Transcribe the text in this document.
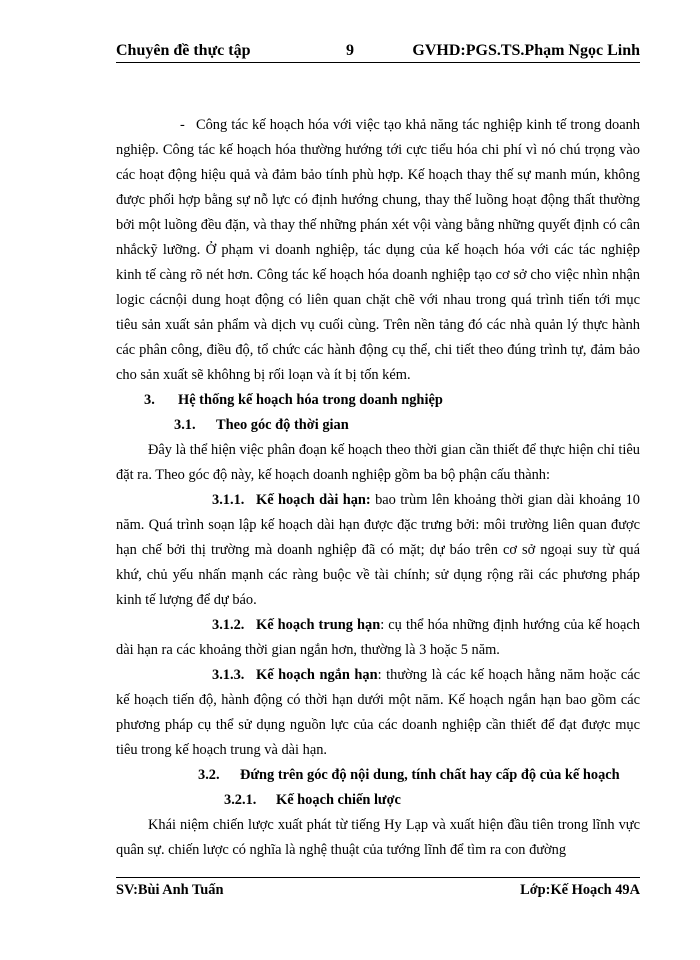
Chuyên đề thực tập	9	GVHD:PGS.TS.Phạm Ngọc Linh

- Công tác kế hoạch hóa với việc tạo khả năng tác nghiệp kinh tế trong doanh nghiệp. Công tác kế hoạch hóa thường hướng tới cực tiểu hóa chi phí vì nó chú trọng vào các hoạt động hiệu quả và đảm bảo tính phù hợp. Kế hoạch thay thế sự manh mún, không được phối hợp bằng sự nỗ lực có định hướng chung, thay thế luồng hoạt động thất thường bởi một luồng đều đặn, và thay thế những phán xét vội vàng bằng những quyết định có cân nhắckỹ lưỡng. Ở phạm vi doanh nghiệp, tác dụng của kế hoạch hóa với các tác nghiệp kinh tế càng rõ nét hơn. Công tác kế hoạch hóa doanh nghiệp tạo cơ sở cho việc nhìn nhận logic cácnội dung hoạt động có liên quan chặt chẽ với nhau trong quá trình tiến tới mục tiêu sản xuất sản phẩm và dịch vụ cuối cùng. Trên nền tảng đó các nhà quản lý thực hành các phân công, điều độ, tổ chức các hành động cụ thể, chi tiết theo đúng trình tự, đảm bảo cho sản xuất sẽ khôhng bị rối loạn và ít bị tốn kém.

3. Hệ thống kế hoạch hóa trong doanh nghiệp

3.1. Theo góc độ thời gian

Đây là thể hiện việc phân đoạn kế hoạch theo thời gian cần thiết để thực hiện chỉ tiêu đặt ra. Theo góc độ này, kế hoạch doanh nghiệp gồm ba bộ phận cấu thành:

3.1.1. Kế hoạch dài hạn: bao trùm lên khoảng thời gian dài khoảng 10 năm. Quá trình soạn lập kế hoạch dài hạn được đặc trưng bởi: môi trường liên quan được hạn chế bởi thị trường mà doanh nghiệp đã có mặt; dự báo trên cơ sở ngoại suy từ quá khứ, chủ yếu nhấn mạnh các ràng buộc về tài chính; sử dụng rộng rãi các phương pháp kinh tế lượng để dự báo.

3.1.2. Kế hoạch trung hạn: cụ thể hóa những định hướng của kế hoạch dài hạn ra các khoảng thời gian ngắn hơn, thường là 3 hoặc 5 năm.

3.1.3. Kế hoạch ngắn hạn: thường là các kế hoạch hằng năm hoặc các kế hoạch tiến độ, hành động có thời hạn dưới một năm. Kế hoạch ngắn hạn bao gồm các phương pháp cụ thể sử dụng nguồn lực của các doanh nghiệp cần thiết để đạt được mục tiêu trong kế hoạch trung và dài hạn.

3.2. Đứng trên góc độ nội dung, tính chất hay cấp độ của kế hoạch

3.2.1. Kế hoạch chiến lược

Khái niệm chiến lược xuất phát từ tiếng Hy Lạp và xuất hiện đầu tiên trong lĩnh vực quân sự. chiến lược có nghĩa là nghệ thuật của tướng lĩnh để tìm ra con đường

SV:Bùi Anh Tuấn	Lớp:Kế Hoạch 49A
